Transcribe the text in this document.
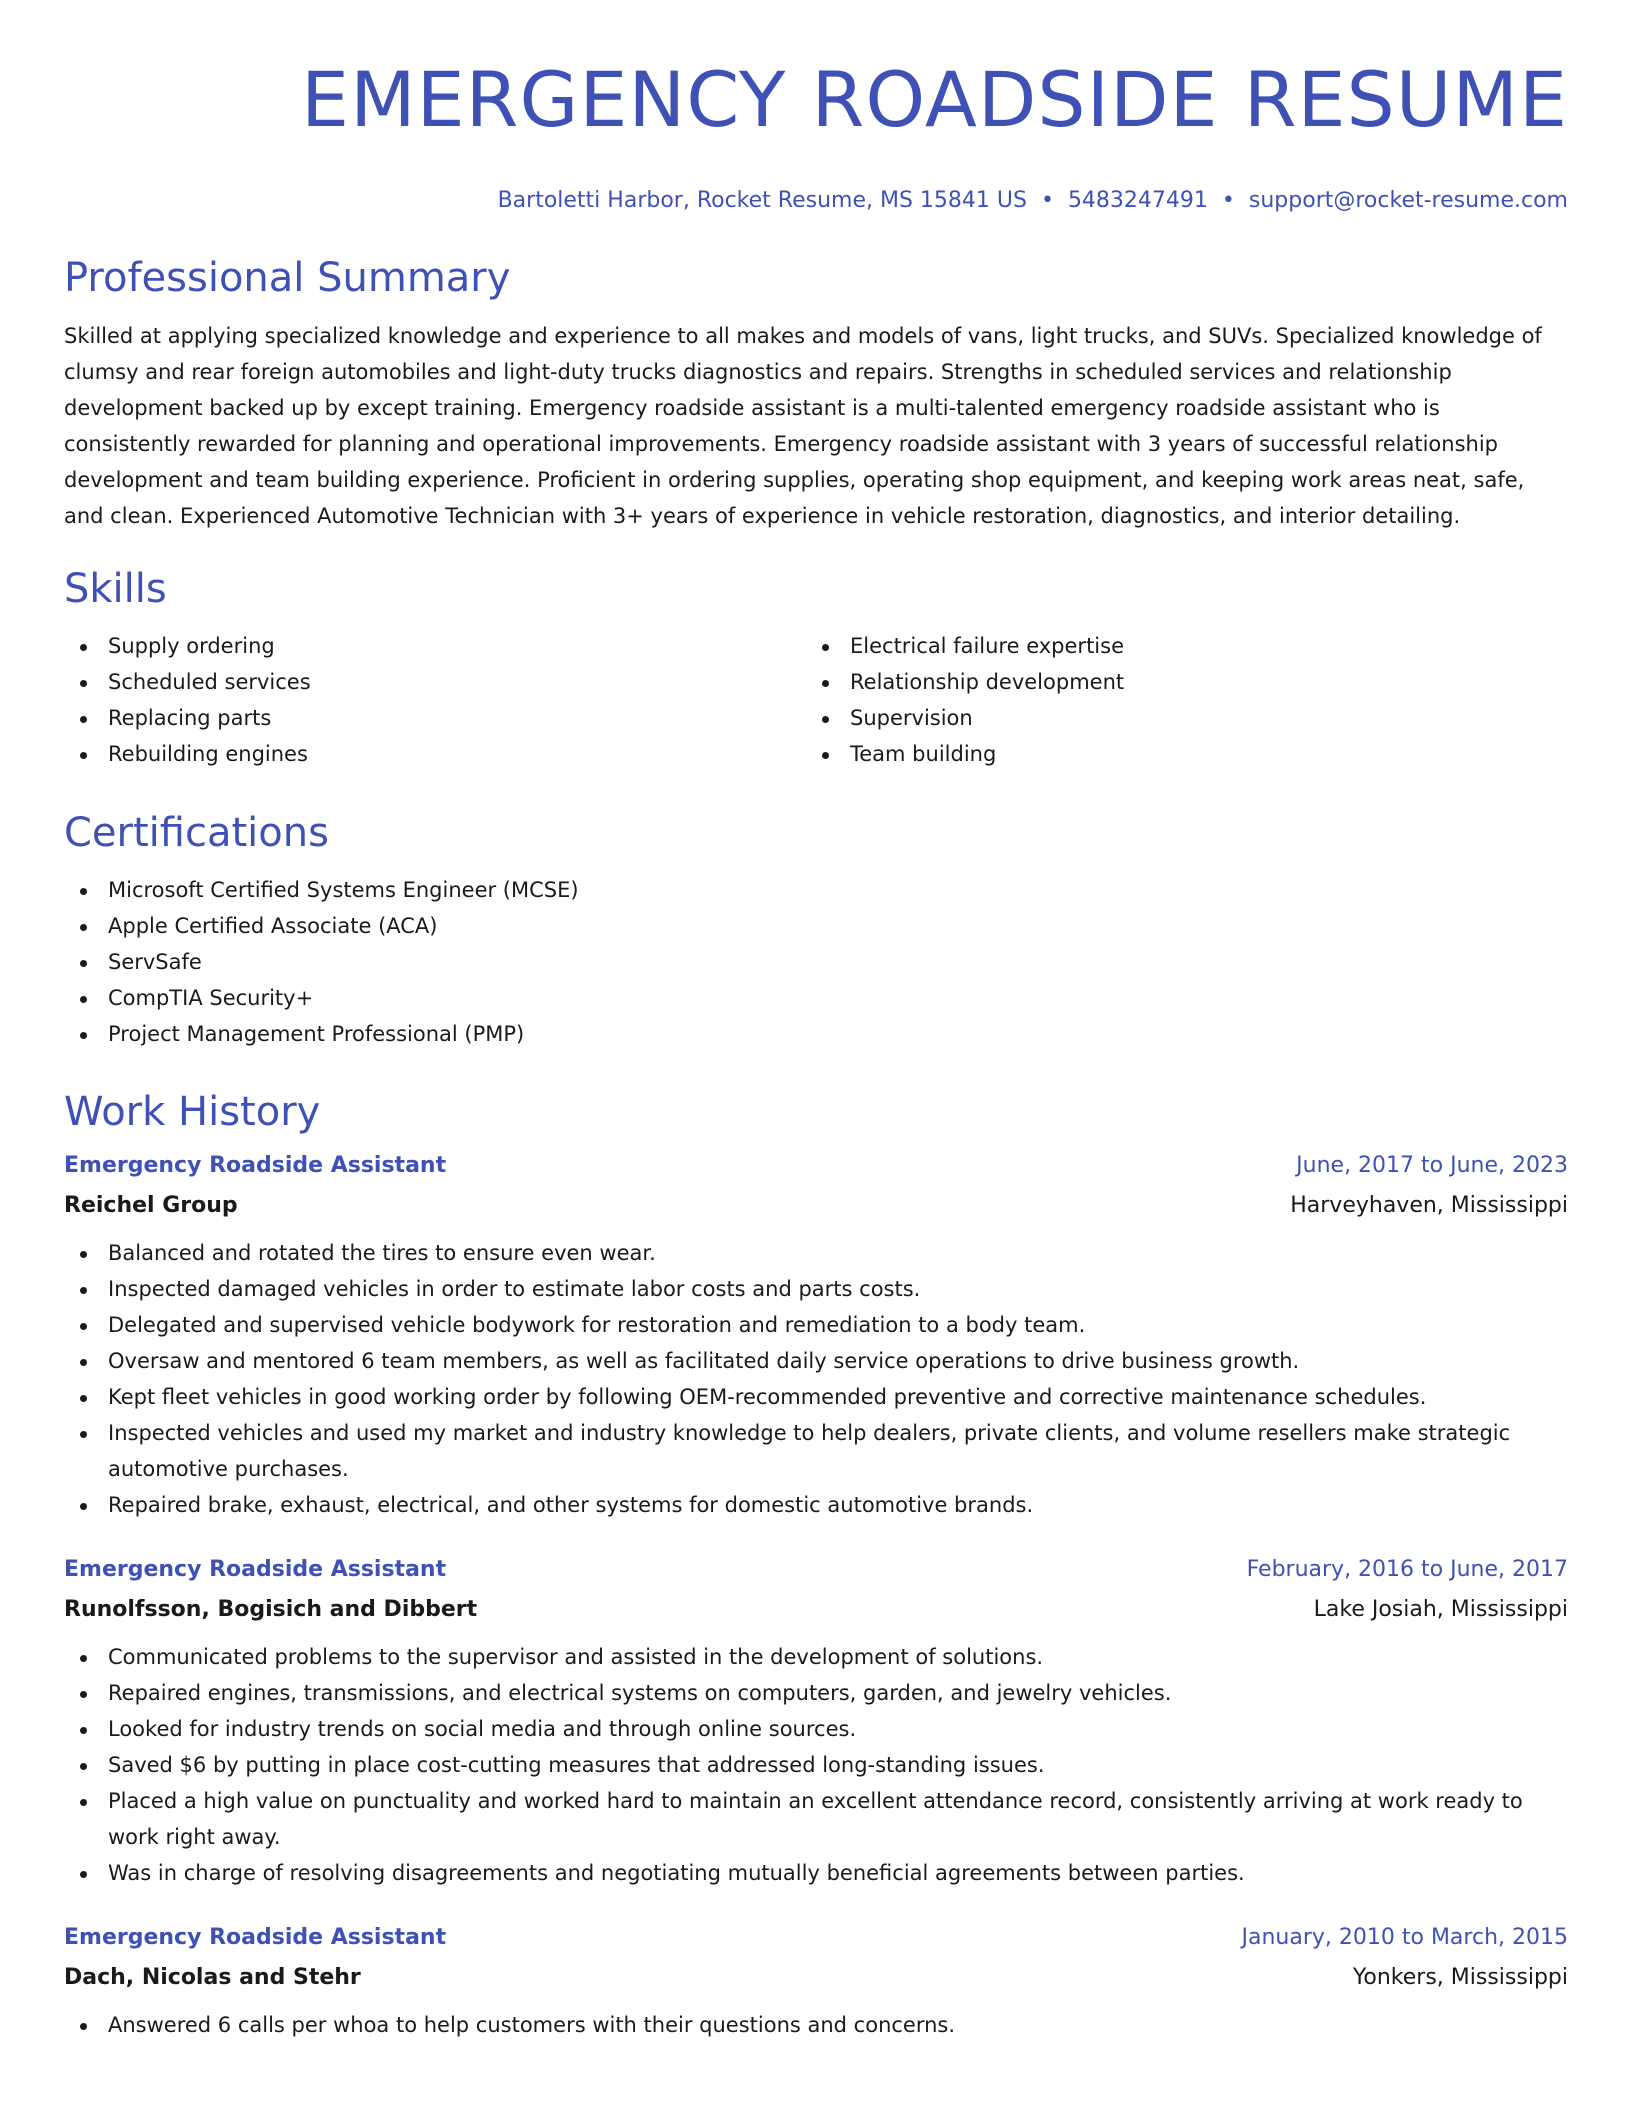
EMERGENCY ROADSIDE RESUME
Bartoletti Harbor, Rocket Resume, MS 15841 US • 5483247491 • support@rocket-resume.com
Professional Summary
Skilled at applying specialized knowledge and experience to all makes and models of vans, light trucks, and SUVs. Specialized knowledge of clumsy and rear foreign automobiles and light-duty trucks diagnostics and repairs. Strengths in scheduled services and relationship development backed up by except training. Emergency roadside assistant is a multi-talented emergency roadside assistant who is consistently rewarded for planning and operational improvements. Emergency roadside assistant with 3 years of successful relationship development and team building experience. Proficient in ordering supplies, operating shop equipment, and keeping work areas neat, safe, and clean. Experienced Automotive Technician with 3+ years of experience in vehicle restoration, diagnostics, and interior detailing.
Skills
Supply ordering
Scheduled services
Replacing parts
Rebuilding engines
Electrical failure expertise
Relationship development
Supervision
Team building
Certifications
Microsoft Certified Systems Engineer (MCSE)
Apple Certified Associate (ACA)
ServSafe
CompTIA Security+
Project Management Professional (PMP)
Work History
Emergency Roadside Assistant	June, 2017 to June, 2023
Reichel Group	Harveyhaven, Mississippi
Balanced and rotated the tires to ensure even wear.
Inspected damaged vehicles in order to estimate labor costs and parts costs.
Delegated and supervised vehicle bodywork for restoration and remediation to a body team.
Oversaw and mentored 6 team members, as well as facilitated daily service operations to drive business growth.
Kept fleet vehicles in good working order by following OEM-recommended preventive and corrective maintenance schedules.
Inspected vehicles and used my market and industry knowledge to help dealers, private clients, and volume resellers make strategic automotive purchases.
Repaired brake, exhaust, electrical, and other systems for domestic automotive brands.
Emergency Roadside Assistant	February, 2016 to June, 2017
Runolfsson, Bogisich and Dibbert	Lake Josiah, Mississippi
Communicated problems to the supervisor and assisted in the development of solutions.
Repaired engines, transmissions, and electrical systems on computers, garden, and jewelry vehicles.
Looked for industry trends on social media and through online sources.
Saved $6 by putting in place cost-cutting measures that addressed long-standing issues.
Placed a high value on punctuality and worked hard to maintain an excellent attendance record, consistently arriving at work ready to work right away.
Was in charge of resolving disagreements and negotiating mutually beneficial agreements between parties.
Emergency Roadside Assistant	January, 2010 to March, 2015
Dach, Nicolas and Stehr	Yonkers, Mississippi
Answered 6 calls per whoa to help customers with their questions and concerns.
